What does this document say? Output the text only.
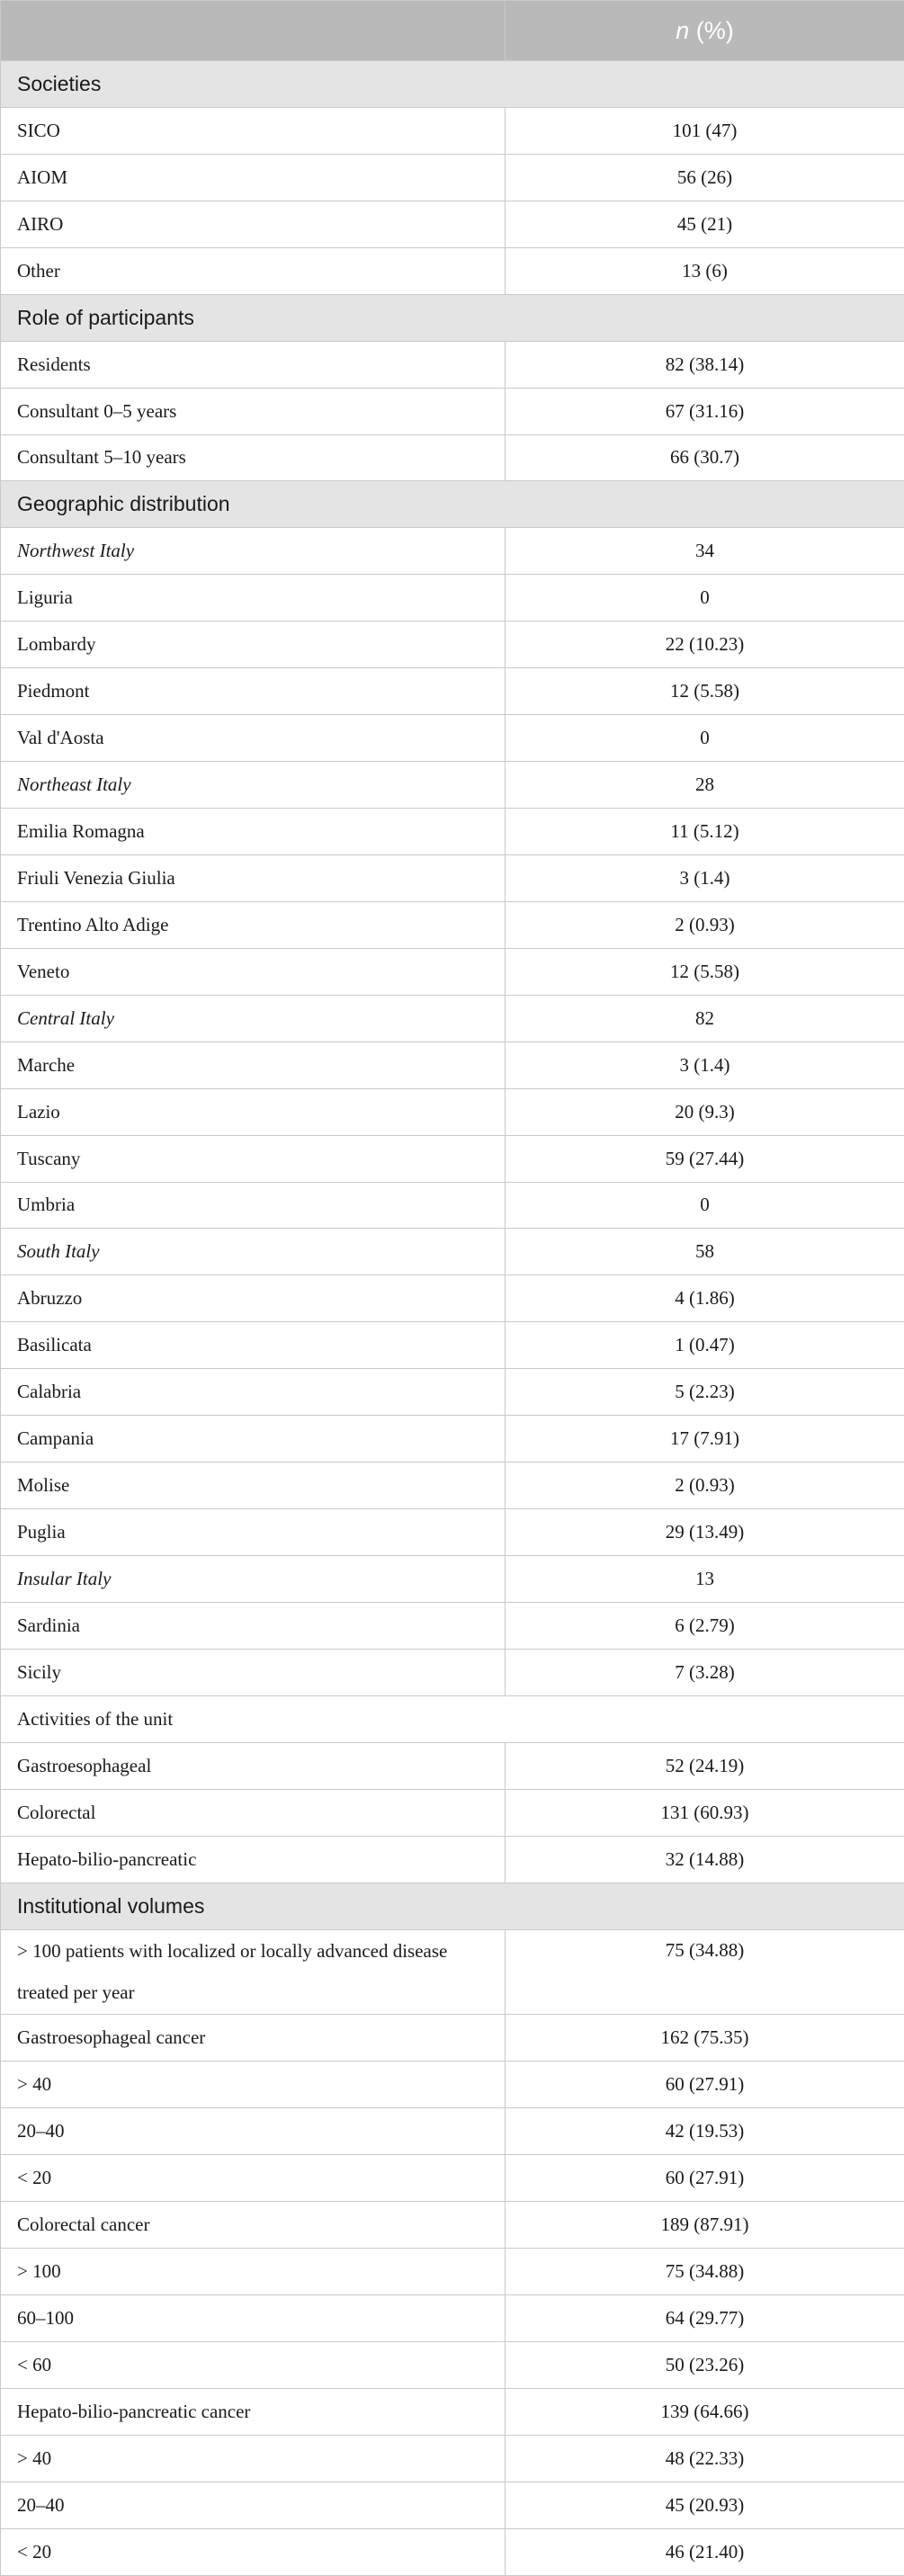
	n (%)
Societies	
SICO	101 (47)
AIOM	56 (26)
AIRO	45 (21)
Other	13 (6)
Role of participants	
Residents	82 (38.14)
Consultant 0–5 years	67 (31.16)
Consultant 5–10 years	66 (30.7)
Geographic distribution	
Northwest Italy	34
Liguria	0
Lombardy	22 (10.23)
Piedmont	12 (5.58)
Val d'Aosta	0
Northeast Italy	28
Emilia Romagna	11 (5.12)
Friuli Venezia Giulia	3 (1.4)
Trentino Alto Adige	2 (0.93)
Veneto	12 (5.58)
Central Italy	82
Marche	3 (1.4)
Lazio	20 (9.3)
Tuscany	59 (27.44)
Umbria	0
South Italy	58
Abruzzo	4 (1.86)
Basilicata	1 (0.47)
Calabria	5 (2.23)
Campania	17 (7.91)
Molise	2 (0.93)
Puglia	29 (13.49)
Insular Italy	13
Sardinia	6 (2.79)
Sicily	7 (3.28)
Activities of the unit	
Gastroesophageal	52 (24.19)
Colorectal	131 (60.93)
Hepato-bilio-pancreatic	32 (14.88)
Institutional volumes	
> 100 patients with localized or locally advanced disease treated per year	75 (34.88)
Gastroesophageal cancer	162 (75.35)
> 40	60 (27.91)
20–40	42 (19.53)
< 20	60 (27.91)
Colorectal cancer	189 (87.91)
> 100	75 (34.88)
60–100	64 (29.77)
< 60	50 (23.26)
Hepato-bilio-pancreatic cancer	139 (64.66)
> 40	48 (22.33)
20–40	45 (20.93)
< 20	46 (21.40)
